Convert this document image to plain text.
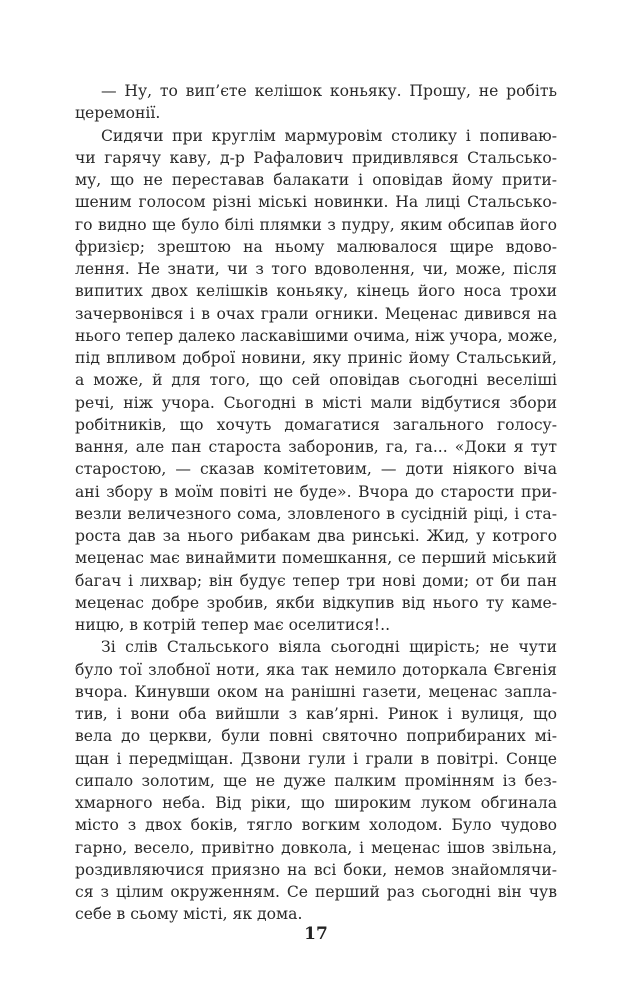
— Ну, то вип’єте келішок коньяку. Прошу, не робіть
церемонії.
Сидячи при круглім мармуровім столику і попиваю-
чи гарячу каву, д-р Рафалович придивлявся Стальсько-
му, що не переставав балакати і оповідав йому прити-
шеним голосом різні міські новинки. На лиці Стальсько-
го видно ще було білі плямки з пудру, яким обсипав його
фризієр; зрештою на ньому малювалося щире вдово-
лення. Не знати, чи з того вдоволення, чи, може, після
випитих двох келішків коньяку, кінець його носа трохи
зачервонівся і в очах грали огники. Меценас дивився на
нього тепер далеко ласкавішими очима, ніж учора, може,
під впливом доброї новини, яку приніс йому Стальський,
а може, й для того, що сей оповідав сьогодні веселіші
речі, ніж учора. Сьогодні в місті мали відбутися збори
робітників, що хочуть домагатися загального голосу-
вання, але пан староста заборонив, га, га... «Доки я тут
старостою, — сказав комітетовим, — доти ніякого віча
ані збору в моїм повіті не буде». Вчора до старости при-
везли величезного сома, зловленого в сусідній ріці, і ста-
роста дав за нього рибакам два ринські. Жид, у котрого
меценас має винаймити помешкання, се перший міський
багач і лихвар; він будує тепер три нові доми; от би пан
меценас добре зробив, якби відкупив від нього ту каме-
ницю, в котрій тепер має оселитися!..
Зі слів Стальського віяла сьогодні щирість; не чути
було тої злобної ноти, яка так немило доторкала Євгенія
вчора. Кинувши оком на ранішні газети, меценас запла-
тив, і вони оба вийшли з кав’ярні. Ринок і вулиця, що
вела до церкви, були повні святочно поприбираних мі-
щан і передміщан. Дзвони гули і грали в повітрі. Сонце
сипало золотим, ще не дуже палким промінням із без-
хмарного неба. Від ріки, що широким луком обгинала
місто з двох боків, тягло вогким холодом. Було чудово
гарно, весело, привітно довкола, і меценас ішов звільна,
роздивляючися приязно на всі боки, немов знайомлячи-
ся з цілим окруженням. Се перший раз сьогодні він чув
себе в сьому місті, як дома.
17
